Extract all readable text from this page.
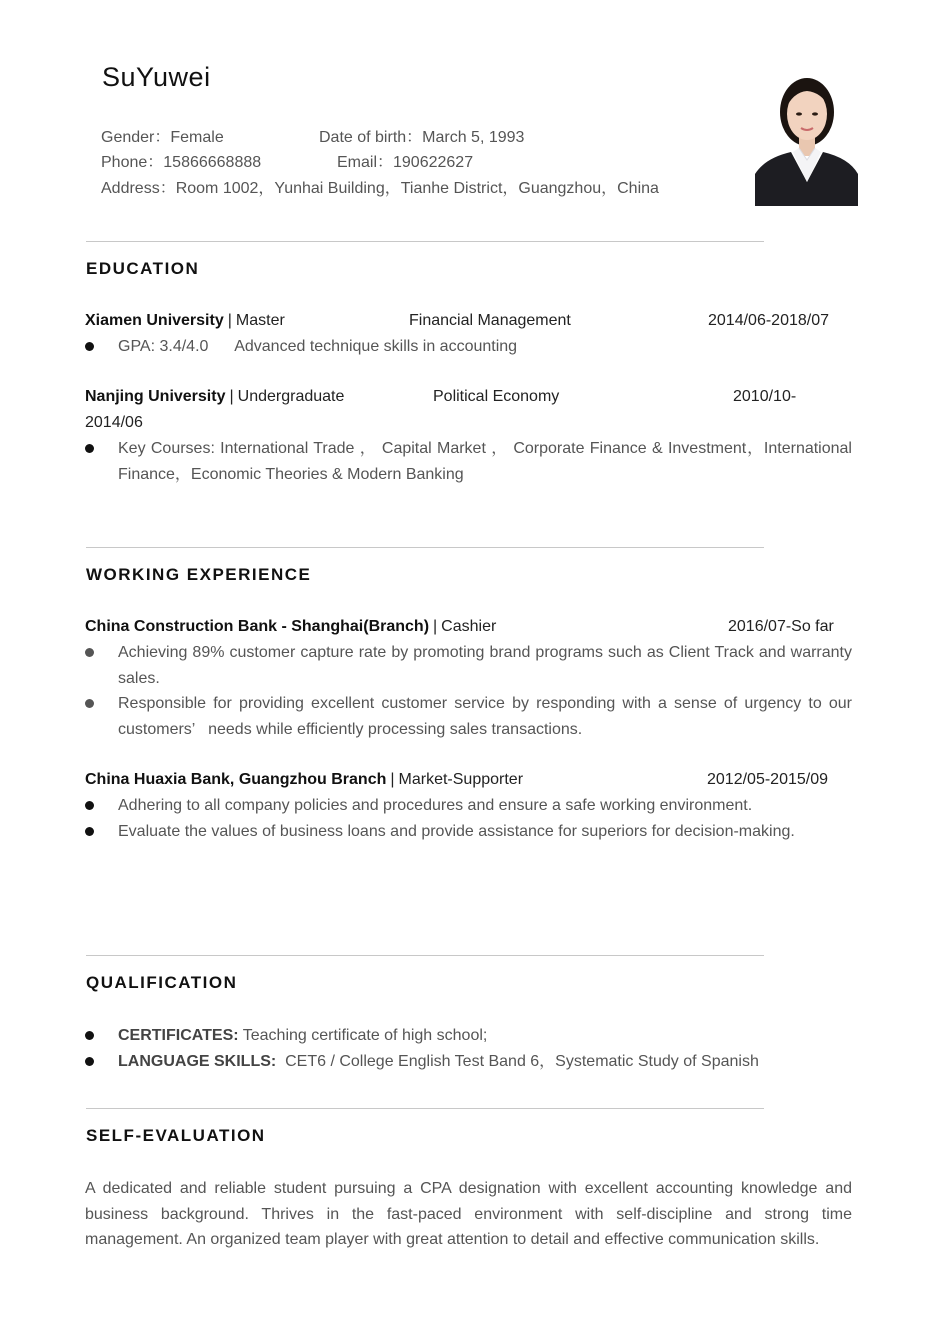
SuYuwei
Gender：Female	Date of birth：March 5, 1993
Phone：15866668888	Email：190622627
Address：Room 1002，Yunhai Building，Tianhe District，Guangzhou，China
EDUCATION
Xiamen University | Master	Financial Management	2014/06-2018/07
GPA: 3.4/4.0      Advanced technique skills in accounting
Nanjing University | Undergraduate	Political Economy	2010/10-
2014/06
Key Courses: International Trade ， Capital Market ， Corporate Finance & Investment，International Finance，Economic Theories & Modern Banking
WORKING EXPERIENCE
China Construction Bank - Shanghai(Branch) | Cashier	2016/07-So far
Achieving 89% customer capture rate by promoting brand programs such as Client Track and warranty sales.
Responsible for providing excellent customer service by responding with a sense of urgency to our customers’   needs while efficiently processing sales transactions.
China Huaxia Bank, Guangzhou Branch | Market-Supporter	2012/05-2015/09
Adhering to all company policies and procedures and ensure a safe working environment.
Evaluate the values of business loans and provide assistance for superiors for decision-making.
QUALIFICATION
CERTIFICATES: Teaching certificate of high school;
LANGUAGE SKILLS:  CET6 / College English Test Band 6，Systematic Study of Spanish
SELF-EVALUATION
A dedicated and reliable student pursuing a CPA designation with excellent accounting knowledge and business background. Thrives in the fast-paced environment with self-discipline and strong time management. An organized team player with great attention to detail and effective communication skills.
